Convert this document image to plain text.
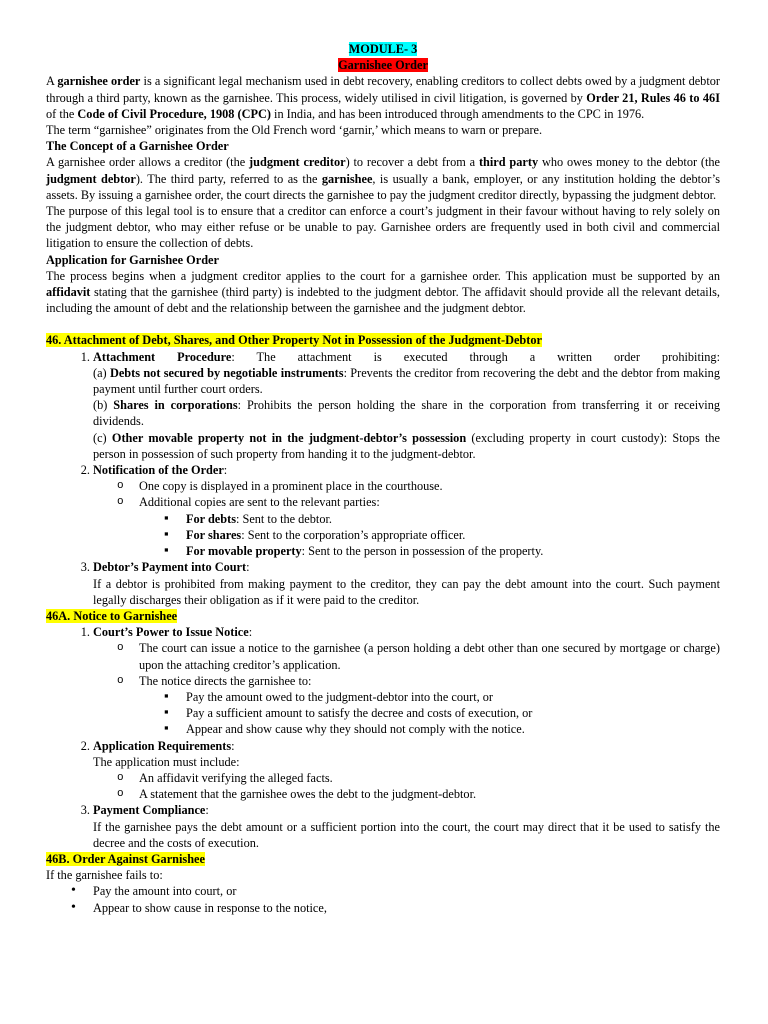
MODULE- 3

Garnishee Order

A garnishee order is a significant legal mechanism used in debt recovery, enabling creditors to collect debts owed by a judgment debtor through a third party, known as the garnishee. This process, widely utilised in civil litigation, is governed by Order 21, Rules 46 to 46I of the Code of Civil Procedure, 1908 (CPC) in India, and has been introduced through amendments to the CPC in 1976.

The term “garnishee” originates from the Old French word ‘garnir,’ which means to warn or prepare.

The Concept of a Garnishee Order

A garnishee order allows a creditor (the judgment creditor) to recover a debt from a third party who owes money to the debtor (the judgment debtor). The third party, referred to as the garnishee, is usually a bank, employer, or any institution holding the debtor’s assets. By issuing a garnishee order, the court directs the garnishee to pay the judgment creditor directly, bypassing the judgment debtor.

The purpose of this legal tool is to ensure that a creditor can enforce a court’s judgment in their favour without having to rely solely on the judgment debtor, who may either refuse or be unable to pay. Garnishee orders are frequently used in both civil and commercial litigation to ensure the collection of debts.

Application for Garnishee Order

The process begins when a judgment creditor applies to the court for a garnishee order. This application must be supported by an affidavit stating that the garnishee (third party) is indebted to the judgment debtor. The affidavit should provide all the relevant details, including the amount of debt and the relationship between the garnishee and the judgment debtor.

46. Attachment of Debt, Shares, and Other Property Not in Possession of the Judgment-Debtor

1. Attachment Procedure: The attachment is executed through a written order prohibiting:
(a) Debts not secured by negotiable instruments: Prevents the creditor from recovering the debt and the debtor from making payment until further court orders.
(b) Shares in corporations: Prohibits the person holding the share in the corporation from transferring it or receiving dividends.
(c) Other movable property not in the judgment-debtor’s possession (excluding property in court custody): Stops the person in possession of such property from handing it to the judgment-debtor.
2. Notification of the Order:
o One copy is displayed in a prominent place in the courthouse.
o Additional copies are sent to the relevant parties:
▪ For debts: Sent to the debtor.
▪ For shares: Sent to the corporation’s appropriate officer.
▪ For movable property: Sent to the person in possession of the property.
3. Debtor’s Payment into Court:
If a debtor is prohibited from making payment to the creditor, they can pay the debt amount into the court. Such payment legally discharges their obligation as if it were paid to the creditor.

46A. Notice to Garnishee

1. Court’s Power to Issue Notice:
o The court can issue a notice to the garnishee (a person holding a debt other than one secured by mortgage or charge) upon the attaching creditor’s application.
o The notice directs the garnishee to:
▪ Pay the amount owed to the judgment-debtor into the court, or
▪ Pay a sufficient amount to satisfy the decree and costs of execution, or
▪ Appear and show cause why they should not comply with the notice.
2. Application Requirements:
The application must include:
o An affidavit verifying the alleged facts.
o A statement that the garnishee owes the debt to the judgment-debtor.
3. Payment Compliance:
If the garnishee pays the debt amount or a sufficient portion into the court, the court may direct that it be used to satisfy the decree and the costs of execution.

46B. Order Against Garnishee

If the garnishee fails to:

• Pay the amount into court, or
• Appear to show cause in response to the notice,
